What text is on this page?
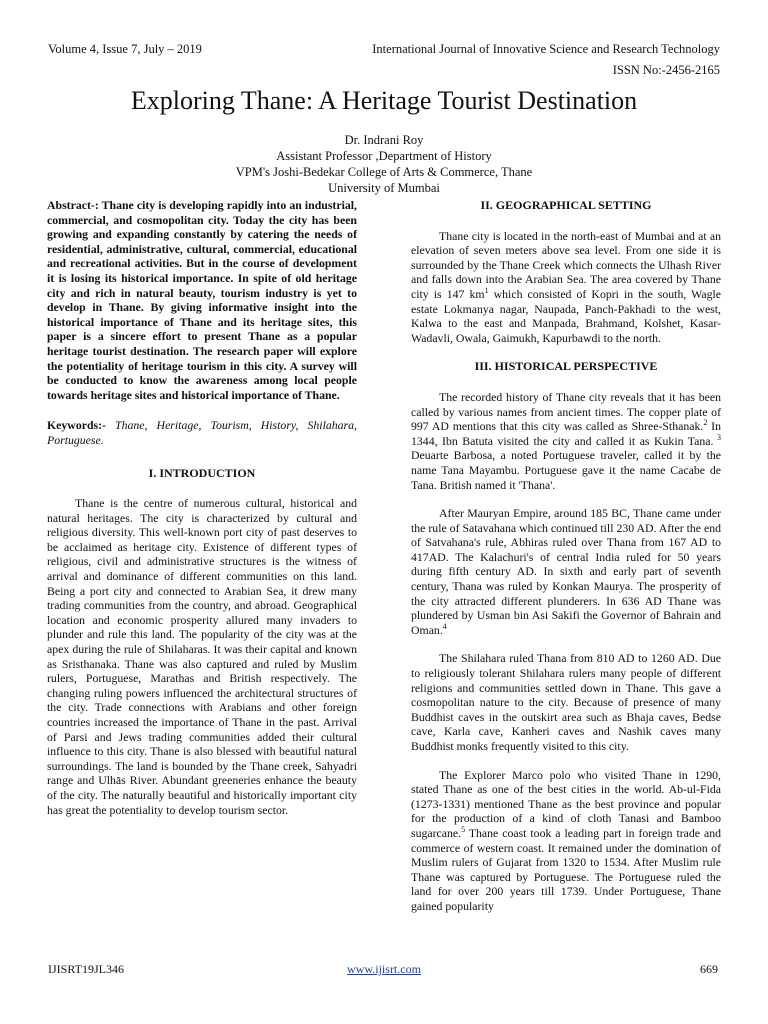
Volume 4, Issue 7, July – 2019	International Journal of Innovative Science and Research Technology
ISSN No:-2456-2165
Exploring Thane: A Heritage Tourist Destination
Dr. Indrani Roy
Assistant Professor ,Department of History
VPM's Joshi-Bedekar College of Arts & Commerce, Thane
University of Mumbai

Abstract-: Thane city is developing rapidly into an industrial, commercial, and cosmopolitan city. Today the city has been growing and expanding constantly by catering the needs of residential, administrative, cultural, commercial, educational and recreational activities. But in the course of development it is losing its historical importance. In spite of old heritage city and rich in natural beauty, tourism industry is yet to develop in Thane. By giving informative insight into the historical importance of Thane and its heritage sites, this paper is a sincere effort to present Thane as a popular heritage tourist destination. The research paper will explore the potentiality of heritage tourism in this city. A survey will be conducted to know the awareness among local people towards heritage sites and historical importance of Thane.

Keywords:- Thane, Heritage, Tourism, History, Shilahara, Portuguese.

I. INTRODUCTION

Thane is the centre of numerous cultural, historical and natural heritages. The city is characterized by cultural and religious diversity. This well-known port city of past deserves to be acclaimed as heritage city. Existence of different types of religious, civil and administrative structures is the witness of arrival and dominance of different communities on this land. Being a port city and connected to Arabian Sea, it drew many trading communities from the country, and abroad. Geographical location and economic prosperity allured many invaders to plunder and rule this land. The popularity of the city was at the apex during the rule of Shilaharas. It was their capital and known as Sristhanaka. Thane was also captured and ruled by Muslim rulers, Portuguese, Marathas and British respectively. The changing ruling powers influenced the architectural structures of the city. Trade connections with Arabians and other foreign countries increased the importance of Thane in the past. Arrival of Parsi and Jews trading communities added their cultural influence to this city. Thane is also blessed with beautiful natural surroundings. The land is bounded by the Thane creek, Sahyadri range and Ulhās River. Abundant greeneries enhance the beauty of the city. The naturally beautiful and historically important city has great the potentiality to develop tourism sector.

II. GEOGRAPHICAL SETTING

Thane city is located in the north-east of Mumbai and at an elevation of seven meters above sea level. From one side it is surrounded by the Thane Creek which connects the Ulhash River and falls down into the Arabian Sea. The area covered by Thane city is 147 $km^1$ which consisted of Kopri in the south, Wagle estate Lokmanya nagar, Naupada, Panch-Pakhadi to the west, Kalwa to the east and Manpada, Brahmand, Kolshet, Kasar-Wadavli, Owala, Gaimukh, Kapurbawdi to the north.

III. HISTORICAL PERSPECTIVE

The recorded history of Thane city reveals that it has been called by various names from ancient times. The copper plate of 997 AD mentions that this city was called as Shree-Sthanak.$^2$ In 1344, Ibn Batuta visited the city and called it as Kukin Tana. $^3$ Deuarte Barbosa, a noted Portuguese traveler, called it by the name Tana Mayambu. Portuguese gave it the name Cacabe de Tana. British named it 'Thana'.

After Mauryan Empire, around 185 BC, Thane came under the rule of Satavahana which continued till 230 AD. After the end of Satvahana's rule, Abhiras ruled over Thana from 167 AD to 417AD. The Kalachuri's of central India ruled for 50 years during fifth century AD. In sixth and early part of seventh century, Thana was ruled by Konkan Maurya. The prosperity of the city attracted different plunderers. In 636 AD Thane was plundered by Usman bin Asi Sakifi the Governor of Bahrain and Oman.$^4$

The Shilahara ruled Thana from 810 AD to 1260 AD. Due to religiously tolerant Shilahara rulers many people of different religions and communities settled down in Thane. This gave a cosmopolitan nature to the city. Because of presence of many Buddhist caves in the outskirt area such as Bhaja caves, Bedse cave, Karla cave, Kanheri caves and Nashik caves many Buddhist monks frequently visited to this city.

The Explorer Marco polo who visited Thane in 1290, stated Thane as one of the best cities in the world. Ab-ul-Fida (1273-1331) mentioned Thane as the best province and popular for the production of a kind of cloth Tanasi and Bamboo sugarcane.$^5$ Thane coast took a leading part in foreign trade and commerce of western coast. It remained under the domination of Muslim rulers of Gujarat from 1320 to 1534. After Muslim rule Thane was captured by Portuguese. The Portuguese ruled the land for over 200 years till 1739. Under Portuguese, Thane gained popularity

IJISRT19JL346	www.ijisrt.com	669
